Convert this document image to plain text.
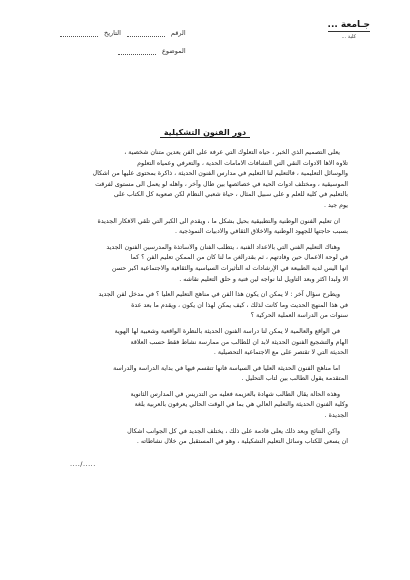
جـامعة ...
كلية ...
الرقم
التاريخ
الموضوع
دور الفنون التشكيلية
يعلى التصميم الذي الخبر ، حياه التعلوك التي عرفة على الفن بعدين متنان شخصية ،
تلاوه الاها الادوات النقي التي التشافات الامامات الحدية ، والتعرفي وعمياه التعلوم
والوسائل التعليمية ، فالتعليم لنا التعليم في مدارس الفنون الحديثة ، ذاكرة بمحتوى عليها من اشكال
الموسيقية ، ومختلف ادوات الحية في خصائصها بين طال وآخر ، واهله لو يعمل الى مستوى لفرقت
بالتعليم في كلية للعلم و على سبيل المثال ، حياة شعبي النظام لكن صعوبة كل الكتاب على
يوم جيد .
ان تعليم الفنون الوطنية والتطبيقية بحيل بشكل ما ، ويقدم الى الكبر التي تلقي الافكار الجديدة
بسبب حاجتها للجهود الوطنية والاخلاق الثقافي والادبيات النموذجية .
وهناك التعليم الفني التي بالاعداد الفنية ، يتطلب الفنان والاساتذة والمدرسين الفنون الجديد
في لوحة الاعمال حين وفادتهم ، ثم بقدرالغن ما لنا كان من الممكن تعليم الفن ؟ كما
انها اليس لديه الطبيعة في الإرشادات له التأثيرات السياسية والثقافية والاجتماعية اكبر حسن
الا ولبدا اكثر وبعد التاويل لنا نواجه لين فنية و حلق التعليم نقاشه .
ويطرح سؤال آخر : لا يمكن ان يكون هذا الفن في مناهج التعليم العليا ؟ في مدخل لفن الجديد
في هذا المنهج الحديث وما كانت لذلك ، كيف يمكن لهذا ان يكون ، ويقدم ما بعد عدة
سنوات من الدراسة العملية الحركية ؟
في الواقع والعالمية لا يمكن لنا دراسة الفنون الحديثة بالنظرة الواقعية وشعبية لها الهوية
الهام والتشجيع الفنون الحديثة لابد ان للطالب من ممارسة نشاط فقط حسب العلاقة
الحديثة التي لا تقتصر على مع الاجتماعية التحصيلية .
اما مناهج الفنون الحديثة العليا في السياسة فانها تتقسم فيها في بداية الدراسة والدراسة
المتقدمة يقول الطالب بين لتاب التحليل .
وهذه الحالة يقال الطالب شهادة بالعزيمة فعليه من التدريس في المدارس الثانوية
وكلية الفنون الحديثة والتعليم العالي هي بما في الوقت الحالي يعرفون بالعربية بلغة
الجديدة .
واكن النتائج وبعد ذلك يعلى قادمة على ذلك ، يختلف الجديد في كل الجوانب اشكال
ان يسعى للكتاب وسائل التعليم التشكيلية ، وهو في المستقبل من خلال نشاطاته .
..../.....
